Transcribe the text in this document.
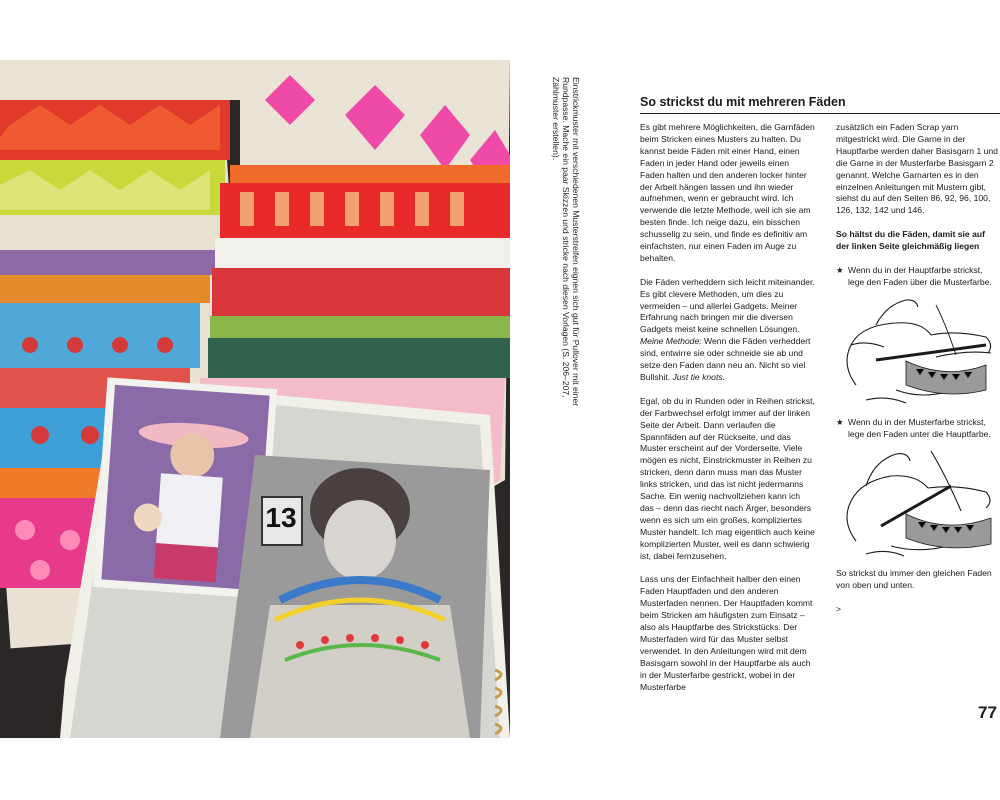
13
Einstrickmuster mit verschiedenen Musterstreifen eignen sich gut für Pullover mit einer Rundpasse. Mache ein paar Skizzen und stricke nach diesen Vorlagen (S. 206–207, Zählmuster erstellen).	So strickst du mit mehreren Fäden

Es gibt mehrere Möglichkeiten, die Garnfäden beim Stricken eines Musters zu halten. Du kannst beide Fäden mit einer Hand, einen Faden in jeder Hand oder jeweils einen Faden halten und den anderen locker hinter der Arbeit hängen lassen und ihn wieder aufnehmen, wenn er gebraucht wird. Ich verwende die letzte Methode, weil ich sie am besten finde. Ich neige dazu, ein bisschen schusselig zu sein, und finde es definitiv am einfachsten, nur einen Faden im Auge zu behalten.

Die Fäden verheddern sich leicht miteinander. Es gibt clevere Methoden, um dies zu vermeiden – und allerlei Gadgets. Meiner Erfahrung nach bringen mir die diversen Gadgets meist keine schnellen Lösungen. Meine Methode: Wenn die Fäden verheddert sind, entwirre sie oder schneide sie ab und setze den Faden dann neu an. Nicht so viel Bullshit. Just tie knots.

Egal, ob du in Runden oder in Reihen strickst, der Farbwechsel erfolgt immer auf der linken Seite der Arbeit. Dann verlaufen die Spannfäden auf der Rückseite, und das Muster erscheint auf der Vorderseite. Viele mögen es nicht, Einstrickmuster in Reihen zu stricken, denn dann muss man das Muster links stricken, und das ist nicht jedermanns Sache. Ein wenig nachvollziehen kann ich das – denn das riecht nach Ärger, besonders wenn es sich um ein großes, kompliziertes Muster handelt. Ich mag eigentlich auch keine komplizierten Muster, weil es dann schwierig ist, dabei fernzusehen.

Lass uns der Einfachheit halber den einen Faden Hauptfaden und den anderen Musterfaden nennen. Der Hauptfaden kommt beim Stricken am häufigsten zum Einsatz – also als Hauptfarbe des Strickstücks. Der Musterfaden wird für das Muster selbst verwendet. In den Anleitungen wird mit dem Basisgarn sowohl in der Hauptfarbe als auch in der Musterfarbe gestrickt, wobei in der Musterfarbe

zusätzlich ein Faden Scrap yarn mitgestrickt wird. Die Garne in der Hauptfarbe werden daher Basisgarn 1 und die Garne in der Musterfarbe Basisgarn 2 genannt. Welche Garnarten es in den einzelnen Anleitungen mit Mustern gibt, siehst du auf den Seiten 86, 92, 96, 100, 126, 132, 142 und 146.

So hältst du die Fäden, damit sie auf der linken Seite gleichmäßig liegen

★ Wenn du in der Hauptfarbe strickst, lege den Faden über die Musterfarbe.
★ Wenn du in der Musterfarbe strickst, lege den Faden unter die Hauptfarbe.

So strickst du immer den gleichen Faden von oben und unten.

>
77
